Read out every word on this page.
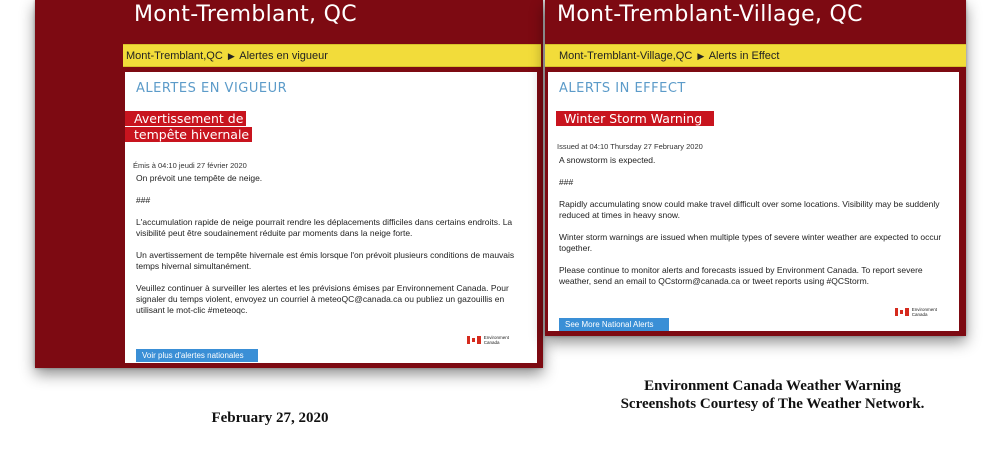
Mont-Tremblant, QC
Mont-Tremblant,QC ▶ Alertes en vigueur
ALERTES EN VIGUEUR
Avertissement de tempête hivernale
Émis à 04:10 jeudi 27 février 2020

On prévoit une tempête de neige.

###

L'accumulation rapide de neige pourrait rendre les déplacements difficiles dans certains endroits. La visibilité peut être soudainement réduite par moments dans la neige forte.

Un avertissement de tempête hivernale est émis lorsque l'on prévoit plusieurs conditions de mauvais temps hivernal simultanément.

Veuillez continuer à surveiller les alertes et les prévisions émises par Environnement Canada. Pour signaler du temps violent, envoyez un courriel à meteoQC@canada.ca ou publiez un gazouillis en utilisant le mot-clic #meteoqc.

Environment
Canada
Voir plus d'alertes nationales
Mont-Tremblant-Village, QC
Mont-Tremblant-Village,QC ▶ Alerts in Effect
ALERTS IN EFFECT
Winter Storm Warning
Issued at 04:10 Thursday 27 February 2020

A snowstorm is expected.

###

Rapidly accumulating snow could make travel difficult over some locations. Visibility may be suddenly reduced at times in heavy snow.

Winter storm warnings are issued when multiple types of severe winter weather are expected to occur together.

Please continue to monitor alerts and forecasts issued by Environment Canada. To report severe weather, send an email to QCstorm@canada.ca or tweet reports using #QCStorm.

Environment
Canada
See More National Alerts
February 27, 2020
Environment Canada Weather Warning
Screenshots Courtesy of The Weather Network.
